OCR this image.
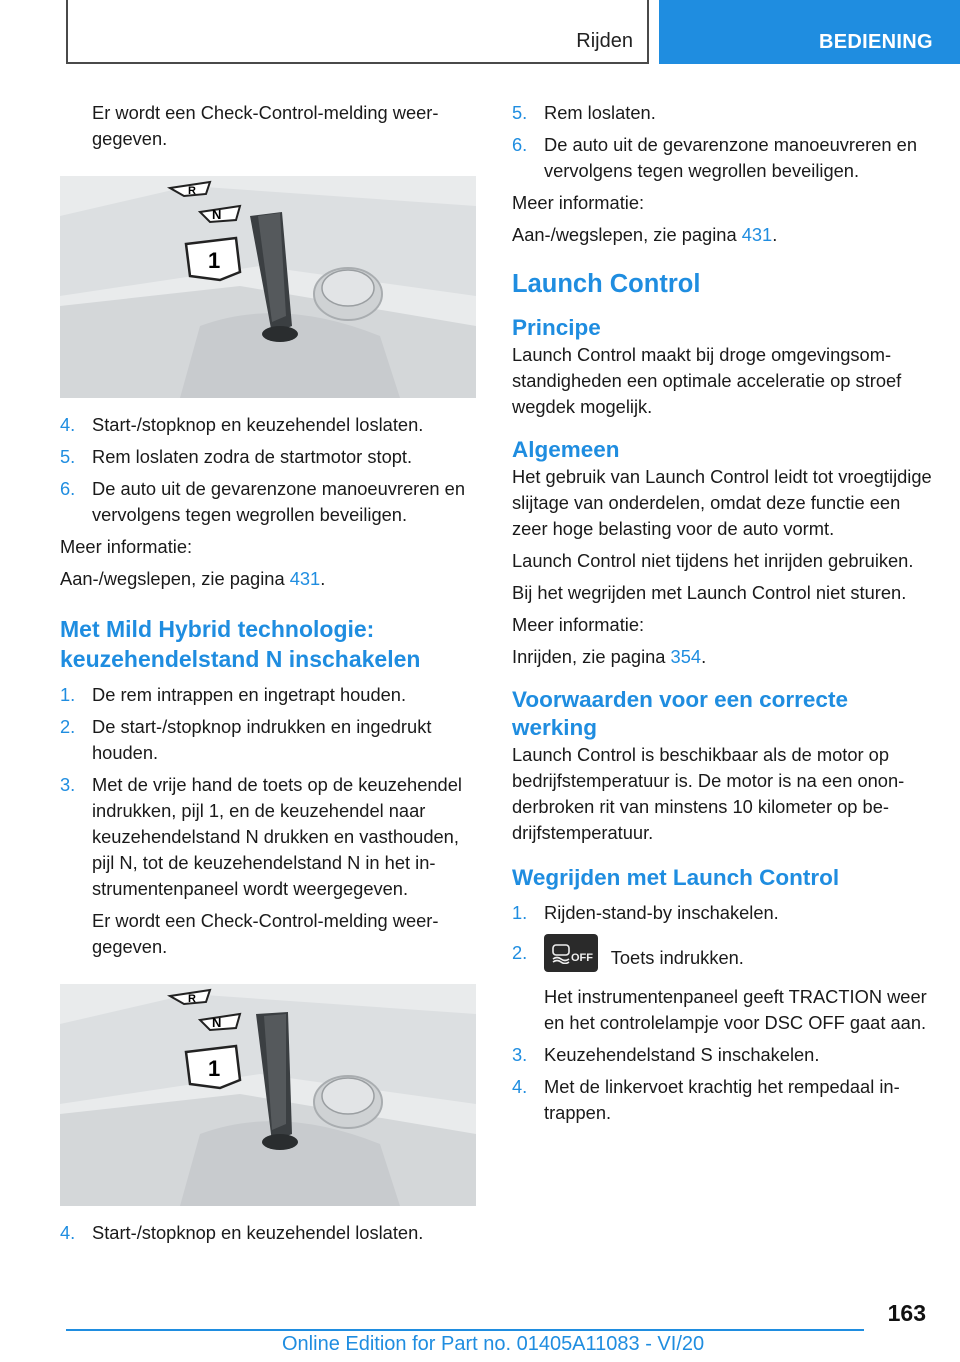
Rijden	BEDIENING

Er wordt een Check-Control-melding weergegeven.

R
N
1
4. Start-/stopknop en keuzehendel loslaten.
5. Rem loslaten zodra de startmotor stopt.
6. De auto uit de gevarenzone manoeuvreren en vervolgens tegen wegrollen beveiligen.

Meer informatie:

Aan-/wegslepen, zie pagina 431.

Met Mild Hybrid technologie: keuzehendelstand N inschakelen
1. De rem intrappen en ingetrapt houden.
2. De start-/stopknop indrukken en ingedrukt houden.
3. Met de vrije hand de toets op de keuzehendel indrukken, pijl 1, en de keuzehendel naar keuzehendelstand N drukken en vasthouden, pijl N, tot de keuzehendelstand N in het instrumentenpaneel wordt weergegeven.
Er wordt een Check-Control-melding weergegeven.
R
N
1
4. Start-/stopknop en keuzehendel loslaten.
5. Rem loslaten.
6. De auto uit de gevarenzone manoeuvreren en vervolgens tegen wegrollen beveiligen.

Meer informatie:

Aan-/wegslepen, zie pagina 431.

Launch Control
Principe

Launch Control maakt bij droge omgevingsomstandigheden een optimale acceleratie op stroef wegdek mogelijk.

Algemeen

Het gebruik van Launch Control leidt tot vroegtijdige slijtage van onderdelen, omdat deze functie een zeer hoge belasting voor de auto vormt.

Launch Control niet tijdens het inrijden gebruiken.

Bij het wegrijden met Launch Control niet sturen.

Meer informatie:

Inrijden, zie pagina 354.

Voorwaarden voor een correcte werking

Launch Control is beschikbaar als de motor op bedrijfstemperatuur is. De motor is na een ononderbroken rit van minstens 10 kilometer op bedrijfstemperatuur.

Wegrijden met Launch Control
1. Rijden-stand-by inschakelen.
2.	OFF Toets indrukken.
Het instrumentenpaneel geeft TRACTION weer en het controlelampje voor DSC OFF gaat aan.
3. Keuzehendelstand S inschakelen.
4. Met de linkervoet krachtig het rempedaal intrappen.
163
Online Edition for Part no. 01405A11083 - VI/20
